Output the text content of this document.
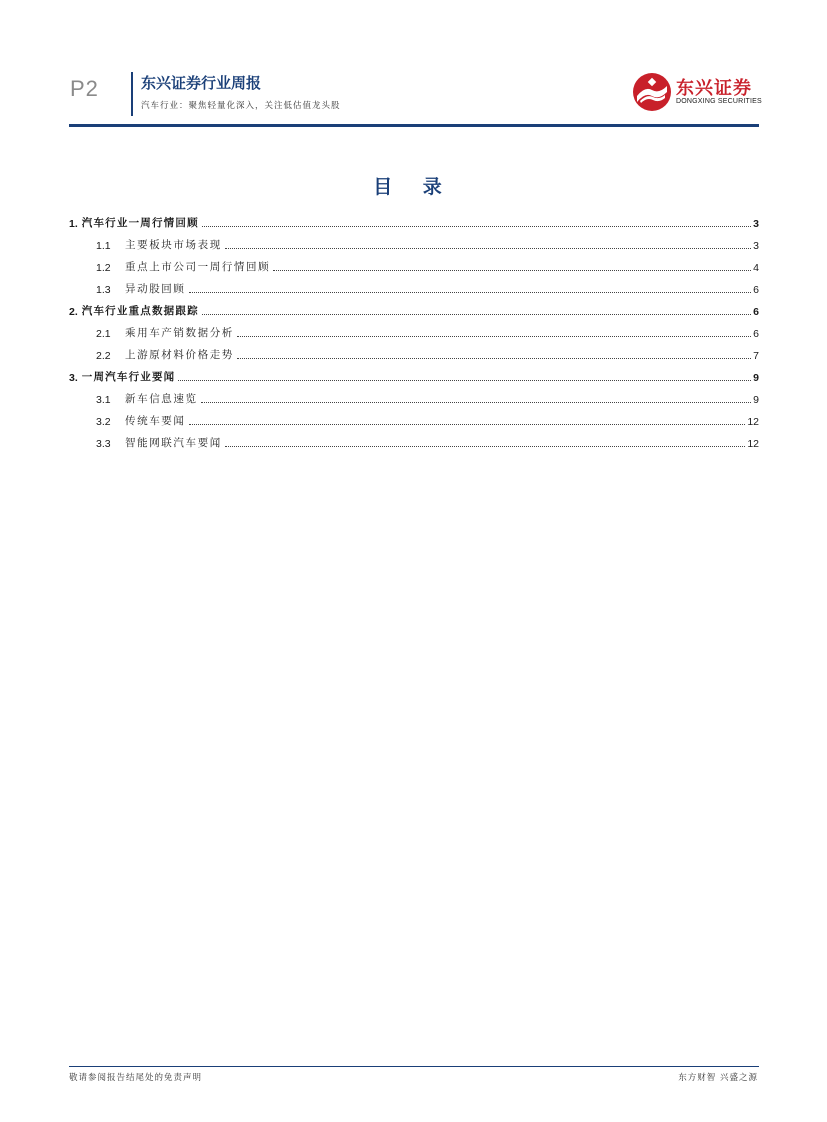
P2	东兴证券行业周报
汽车行业：聚焦轻量化深入，关注低估值龙头股
东兴证券
DONGXING SECURITIES
目 录
1. 汽车行业一周行情回顾	3
1.1	主要板块市场表现	3
1.2	重点上市公司一周行情回顾	4
1.3	异动股回顾	6
2. 汽车行业重点数据跟踪	6
2.1	乘用车产销数据分析	6
2.2	上游原材料价格走势	7
3. 一周汽车行业要闻	9
3.1	新车信息速览	9
3.2	传统车要闻	12
3.3	智能网联汽车要闻	12
敬请参阅报告结尾处的免责声明	东方财智 兴盛之源
